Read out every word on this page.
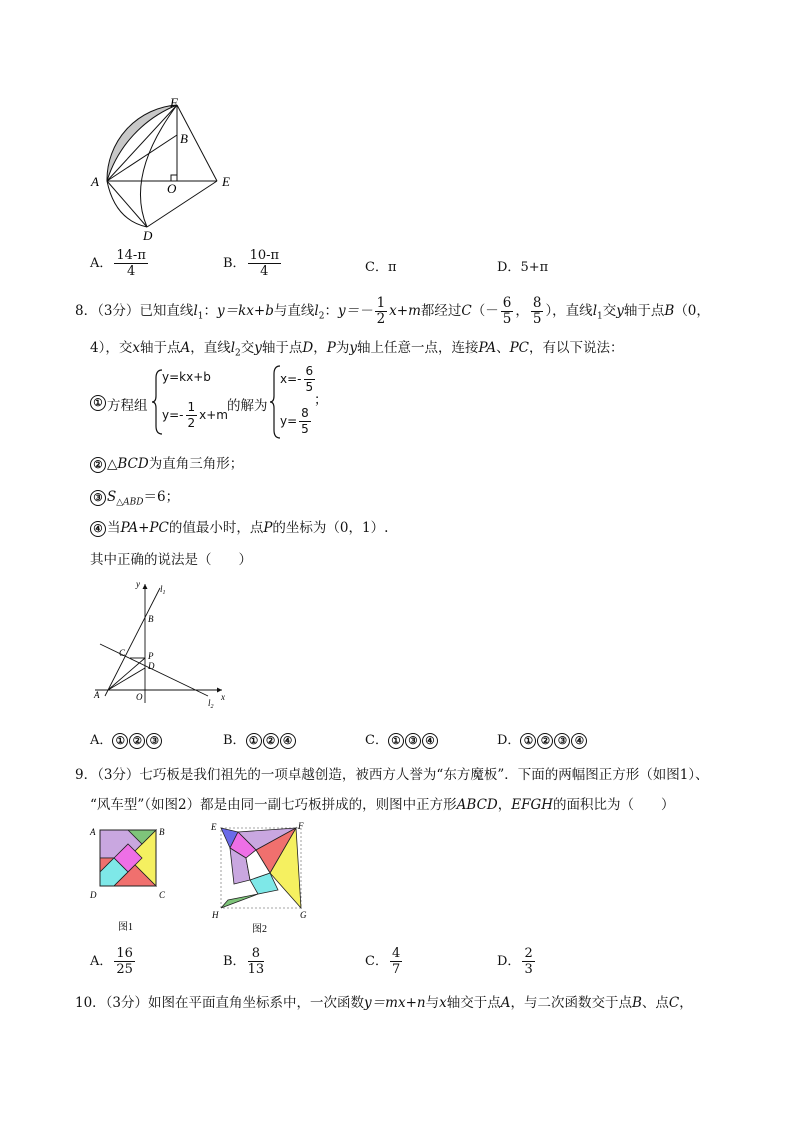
F
B
A	O	E
D
A． $\frac{14-\pi}{4}$	B． $\frac{10-\pi}{4}$	C．π	D．5+π
8．（3分）已知直线$l_1$：y＝kx+b与直线$l_2$：$y=- \frac{1}{2} x+m$都经过$C(- \frac{6}{5}$ ， $\frac{8}{5}$ ），直线$l_1$交y轴于点B（0，
4），交x轴于点A，直线$l_2$交y轴于点D，P为y轴上任意一点，连接PA、PC，有以下说法：
① 方程组
y=kx+b
$y=- \frac{1}{2} x+m$
的解为
$x=- \frac{6}{5}$
；
$y= \frac{8}{5}$
② △BCD为直角三角形；
③ $S_{\triangle ABD}=6$；
④ 当PA+PC的值最小时，点P的坐标为（0，1）.
其中正确的说法是（　　）
y $l_1$
B
C	P
D
A	O	x
$l_2$
A． ① ② ③	B． ① ② ④	C． ① ③ ④	D． ① ② ③ ④
9．（3分）七巧板是我们祖先的一项卓越创造，被西方人誉为“东方魔板”．下面的两幅图正方形（如图1）、
“风车型”（如图2）都是由同一副七巧板拼成的，则图中正方形ABCD，EFGH的面积比为（　　）
A	B
D	C
图1
E	F
H	G
图2
A． $\frac{16}{25}$	B． $\frac{8}{13}$	C． $\frac{4}{7}$	D． $\frac{2}{3}$
10．（3分）如图在平面直角坐标系中，一次函数y＝mx+n与x轴交于点A，与二次函数交于点B、点C，
